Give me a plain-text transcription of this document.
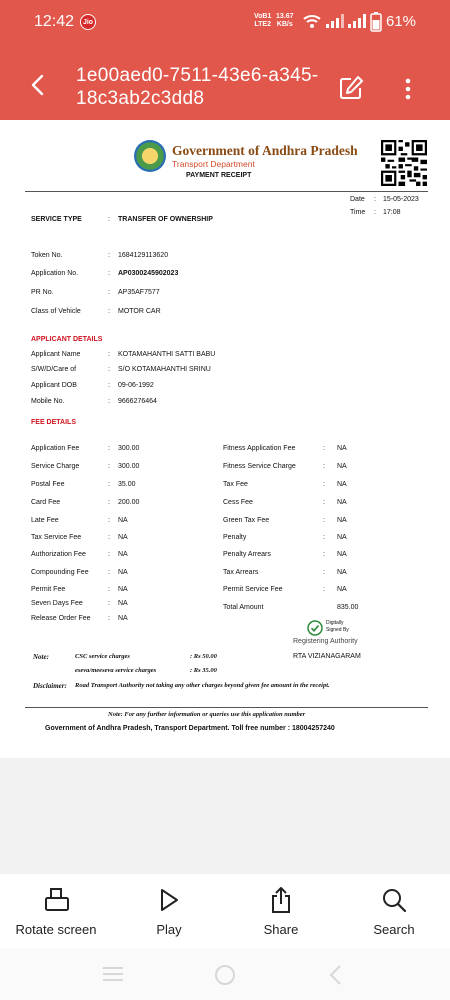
12:42	Jio
VoB1
LTE2
13.67
KB/s	61%
1e00aed0-7511-43e6-a345-18c3ab2c3dd8
Government of Andhra Pradesh
Transport Department
PAYMENT RECEIPT
Date : 15-05-2023
Time : 17:08
SERVICE TYPE	: TRANSFER OF OWNERSHIP
Token No.	: 1684129113620
Application No.	: AP0300245902023
PR No.	: AP35AF7577
Class of Vehicle	: MOTOR CAR
APPLICANT DETAILS
Applicant Name	: KOTAMAHANTHI SATTI BABU
S/W/D/Care of	: S/O KOTAMAHANTHI SRINU
Applicant DOB	: 09-06-1992
Mobile No.	: 9666276464
FEE DETAILS
Application Fee	: 300.00
Service Charge	: 300.00
Postal Fee	: 35.00
Card Fee	: 200.00
Late Fee	: NA
Tax Service Fee	: NA
Authorization Fee	: NA
Compounding Fee	: NA
Permit Fee	: NA
Seven Days Fee	: NA
Release Order Fee : NA
Fitness Application Fee	: NA
Fitness Service Charge	: NA
Tax Fee	: NA
Cess Fee	: NA
Green Tax Fee	: NA
Penalty	: NA
Penalty Arrears	: NA
Tax Arrears	: NA
Permit Service Fee	: NA
Total Amount	835.00
Digitally
Signed By
Registering Authority
Note:	CSC service charges	: Rs 50.00	RTA VIZIANAGARAM
eseva/meeseva service charges	: Rs 35.00
Disclaimer: Road Transport Authority not taking any other charges beyond given fee amount in the receipt.
Note: For any further information or queries use this application number
Government of Andhra Pradesh, Transport Department. Toll free number : 18004257240
Rotate screen	Play	Share	Search
